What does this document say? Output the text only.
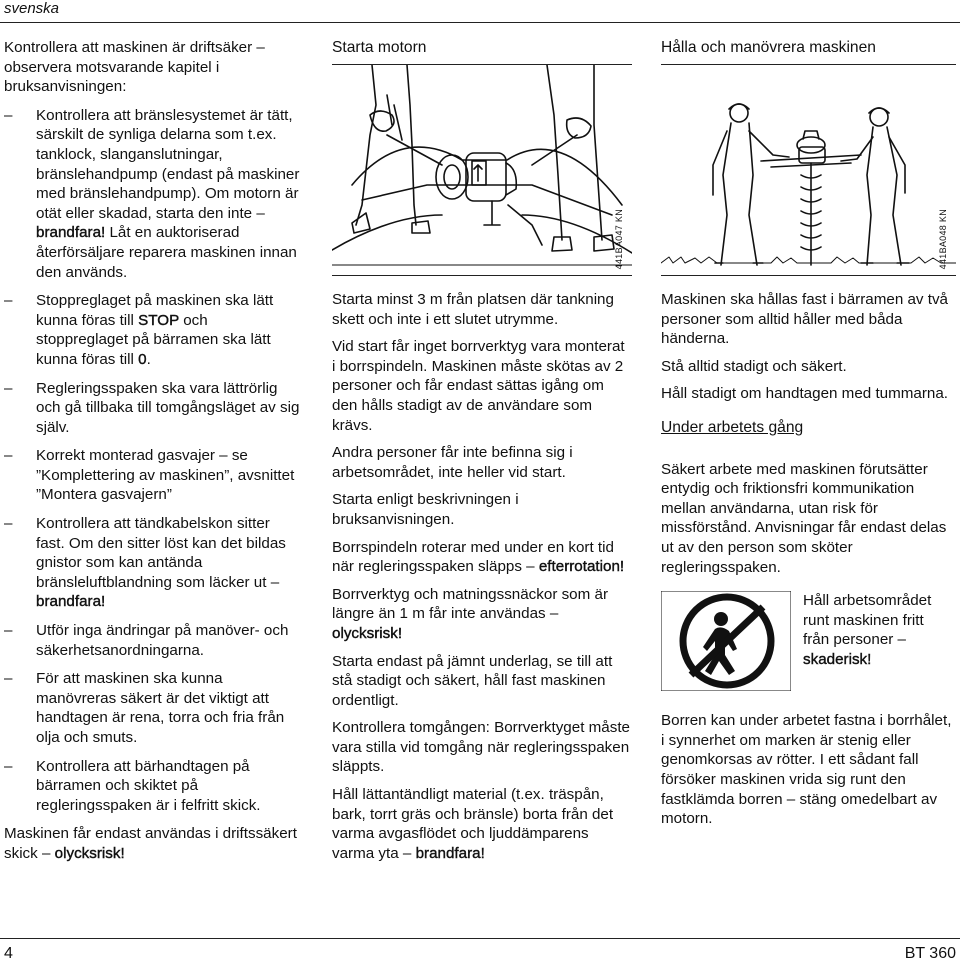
svenska

Kontrollera att maskinen är driftsäker – observera motsvarande kapitel i bruksanvisningen:

– Kontrollera att bränslesystemet är tätt, särskilt de synliga delarna som t.ex. tanklock, slanganslutningar, bränslehandpump (endast på maskiner med bränslehandpump). Om motorn är otät eller skadad, starta den inte – brandfara! Låt en auktoriserad återförsäljare reparera maskinen innan den används.
– Stoppreglaget på maskinen ska lätt kunna föras till STOP och stoppreglaget på bärramen ska lätt kunna föras till 0.
– Regleringsspaken ska vara lättrörlig och gå tillbaka till tomgångsläget av sig själv.
– Korrekt monterad gasvajer – se ”Komplettering av maskinen”, avsnittet ”Montera gasvajern”
– Kontrollera att tändkabelskon sitter fast. Om den sitter löst kan det bildas gnistor som kan antända bränsleluftblandning som läcker ut – brandfara!
– Utför inga ändringar på manöver- och säkerhetsanordningarna.
– För att maskinen ska kunna manövreras säkert är det viktigt att handtagen är rena, torra och fria från olja och smuts.
– Kontrollera att bärhandtagen på bärramen och skiktet på regleringsspaken är i felfritt skick.

Maskinen får endast användas i driftssäkert skick – olycksrisk!

Starta motorn
441BA047 KN

Starta minst 3 m från platsen där tankning skett och inte i ett slutet utrymme.

Vid start får inget borrverktyg vara monterat i borrspindeln. Maskinen måste skötas av 2 personer och får endast sättas igång om den hålls stadigt av de användare som krävs.

Andra personer får inte befinna sig i arbetsområdet, inte heller vid start.

Starta enligt beskrivningen i bruksanvisningen.

Borrspindeln roterar med under en kort tid när regleringsspaken släpps – efterrotation!

Borrverktyg och matningssnäckor som är längre än 1 m får inte användas – olycksrisk!

Starta endast på jämnt underlag, se till att stå stadigt och säkert, håll fast maskinen ordentligt.

Kontrollera tomgången: Borrverktyget måste vara stilla vid tomgång när regleringsspaken släppts.

Håll lättantändligt material (t.ex. träspån, bark, torrt gräs och bränsle) borta från det varma avgasflödet och ljuddämparens varma yta – brandfara!

Hålla och manövrera maskinen
441BA048 KN

Maskinen ska hållas fast i bärramen av två personer som alltid håller med båda händerna.

Stå alltid stadigt och säkert.

Håll stadigt om handtagen med tummarna.

Under arbetets gång

Säkert arbete med maskinen förutsätter entydig och friktionsfri kommunikation mellan användarna, utan risk för missförstånd. Anvisningar får endast delas ut av den person som sköter regleringsspaken.

Håll arbetsområdet runt maskinen fritt från personer – skaderisk!

Borren kan under arbetet fastna i borrhålet, i synnerhet om marken är stenig eller genomkorsas av rötter. I ett sådant fall försöker maskinen vrida sig runt den fastklämda borren – stäng omedelbart av motorn.

4	BT 360
